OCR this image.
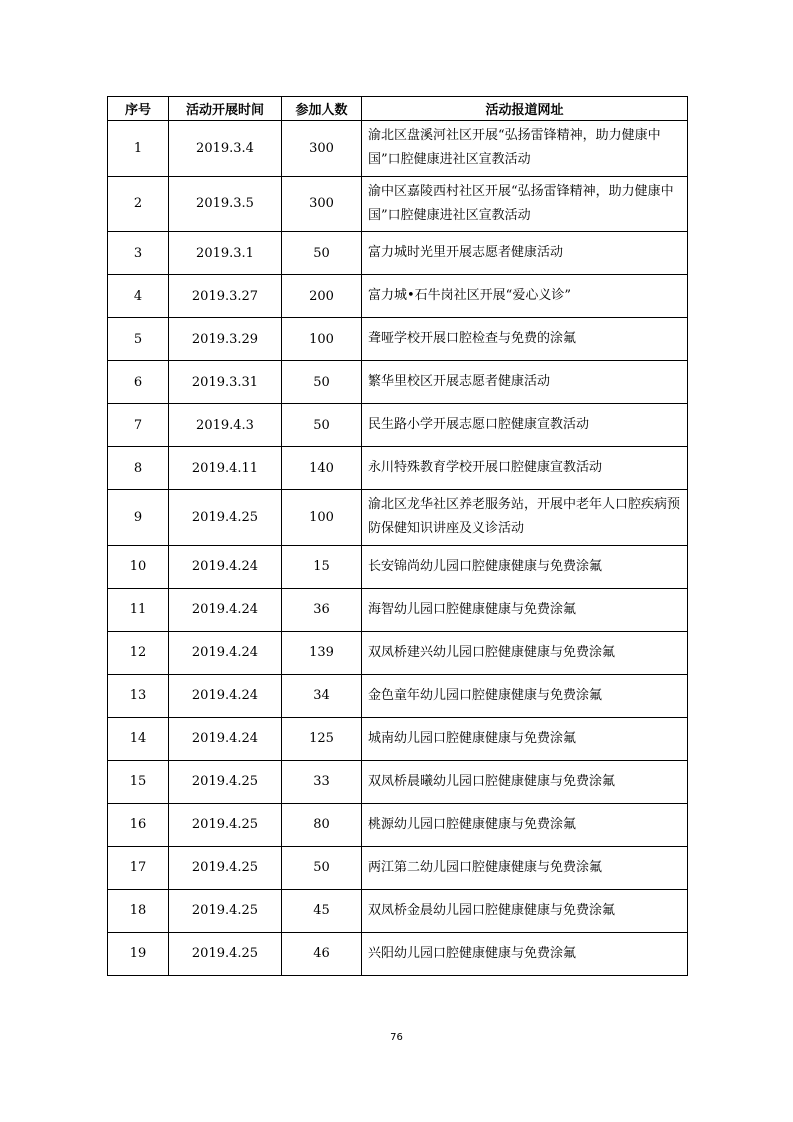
序号	活动开展时间	参加人数	活动报道网址
1	2019.3.4	300	渝北区盘溪河社区开展“弘扬雷锋精神，助力健康中国”口腔健康进社区宣教活动
2	2019.3.5	300	渝中区嘉陵西村社区开展“弘扬雷锋精神，助力健康中国”口腔健康进社区宣教活动
3	2019.3.1	50	富力城时光里开展志愿者健康活动
4	2019.3.27	200	富力城•石牛岗社区开展“爱心义诊”
5	2019.3.29	100	聋哑学校开展口腔检查与免费的涂氟
6	2019.3.31	50	繁华里校区开展志愿者健康活动
7	2019.4.3	50	民生路小学开展志愿口腔健康宣教活动
8	2019.4.11	140	永川特殊教育学校开展口腔健康宣教活动
9	2019.4.25	100	渝北区龙华社区养老服务站，开展中老年人口腔疾病预防保健知识讲座及义诊活动
10	2019.4.24	15	长安锦尚幼儿园口腔健康健康与免费涂氟
11	2019.4.24	36	海智幼儿园口腔健康健康与免费涂氟
12	2019.4.24	139	双凤桥建兴幼儿园口腔健康健康与免费涂氟
13	2019.4.24	34	金色童年幼儿园口腔健康健康与免费涂氟
14	2019.4.24	125	城南幼儿园口腔健康健康与免费涂氟
15	2019.4.25	33	双凤桥晨曦幼儿园口腔健康健康与免费涂氟
16	2019.4.25	80	桃源幼儿园口腔健康健康与免费涂氟
17	2019.4.25	50	两江第二幼儿园口腔健康健康与免费涂氟
18	2019.4.25	45	双凤桥金晨幼儿园口腔健康健康与免费涂氟
19	2019.4.25	46	兴阳幼儿园口腔健康健康与免费涂氟
76
